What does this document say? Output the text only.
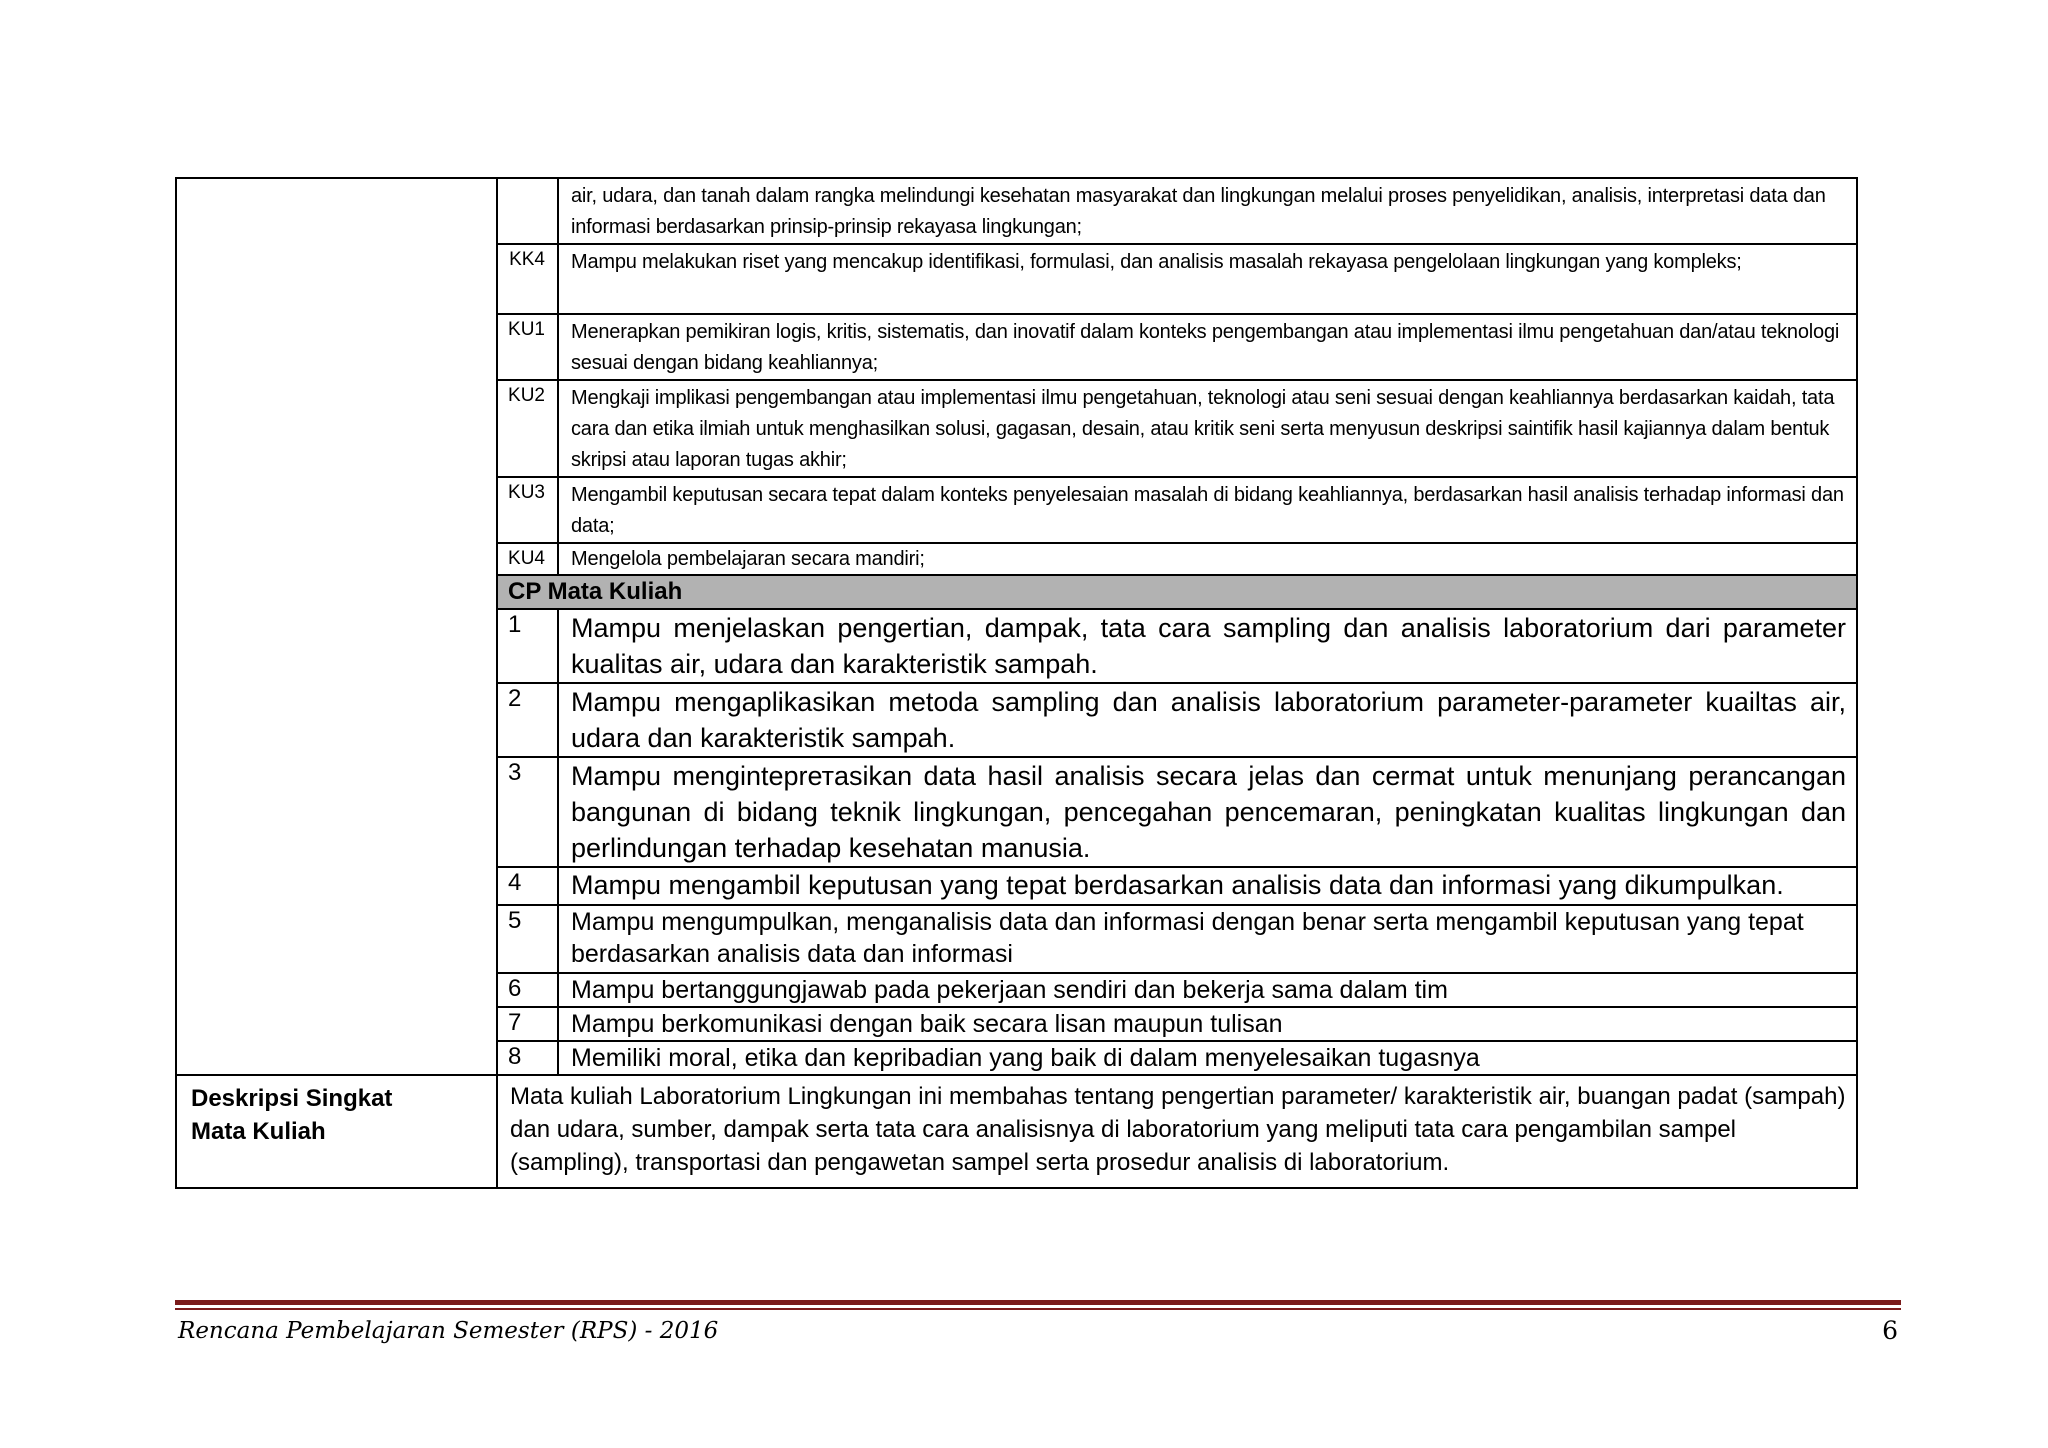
		air, udara, dan tanah dalam rangka melindungi kesehatan masyarakat dan lingkungan melalui proses penyelidikan, analisis, interpretasi data dan informasi berdasarkan prinsip-prinsip rekayasa lingkungan;
	KK4	Mampu melakukan riset yang mencakup identifikasi, formulasi, dan analisis masalah rekayasa pengelolaan lingkungan yang kompleks;
	KU1	Menerapkan pemikiran logis, kritis, sistematis, dan inovatif dalam konteks pengembangan atau implementasi ilmu pengetahuan dan/atau teknologi sesuai dengan bidang keahliannya;
	KU2	Mengkaji implikasi pengembangan atau implementasi ilmu pengetahuan, teknologi atau seni sesuai dengan keahliannya berdasarkan kaidah, tata cara dan etika ilmiah untuk menghasilkan solusi, gagasan, desain, atau kritik seni serta menyusun deskripsi saintifik hasil kajiannya dalam bentuk skripsi atau laporan tugas akhir;
	KU3	Mengambil keputusan secara tepat dalam konteks penyelesaian masalah di bidang keahliannya, berdasarkan hasil analisis terhadap informasi dan data;
	KU4	Mengelola pembelajaran secara mandiri;
	CP Mata Kuliah	
	1	Mampu menjelaskan pengertian, dampak, tata cara sampling dan analisis laboratorium dari parameter kualitas air, udara dan karakteristik sampah.
	2	Mampu mengaplikasikan metoda sampling dan analisis laboratorium parameter-parameter kuailtas air, udara dan karakteristik sampah.
	3	Mampu menginteprетasikan data hasil analisis secara jelas dan cermat untuk menunjang perancangan bangunan di bidang teknik lingkungan, pencegahan pencemaran, peningkatan kualitas lingkungan dan perlindungan terhadap kesehatan manusia.
	4	Mampu mengambil keputusan yang tepat berdasarkan analisis data dan informasi yang dikumpulkan.
	5	Mampu mengumpulkan, menganalisis data dan informasi dengan benar serta mengambil keputusan yang tepat berdasarkan analisis data dan informasi
	6	Mampu bertanggungjawab pada pekerjaan sendiri dan bekerja sama dalam tim
	7	Mampu berkomunikasi dengan baik secara lisan maupun tulisan
	8	Memiliki moral, etika dan kepribadian yang baik di dalam menyelesaikan tugasnya

Deskripsi Singkat
Mata Kuliah	Mata kuliah Laboratorium Lingkungan ini membahas tentang pengertian parameter/ karakteristik air, buangan padat (sampah) dan udara, sumber, dampak serta tata cara analisisnya di laboratorium yang meliputi tata cara pengambilan sampel (sampling), transportasi dan pengawetan sampel serta prosedur analisis di laboratorium.	
Rencana Pembelajaran Semester (RPS) - 2016	6
